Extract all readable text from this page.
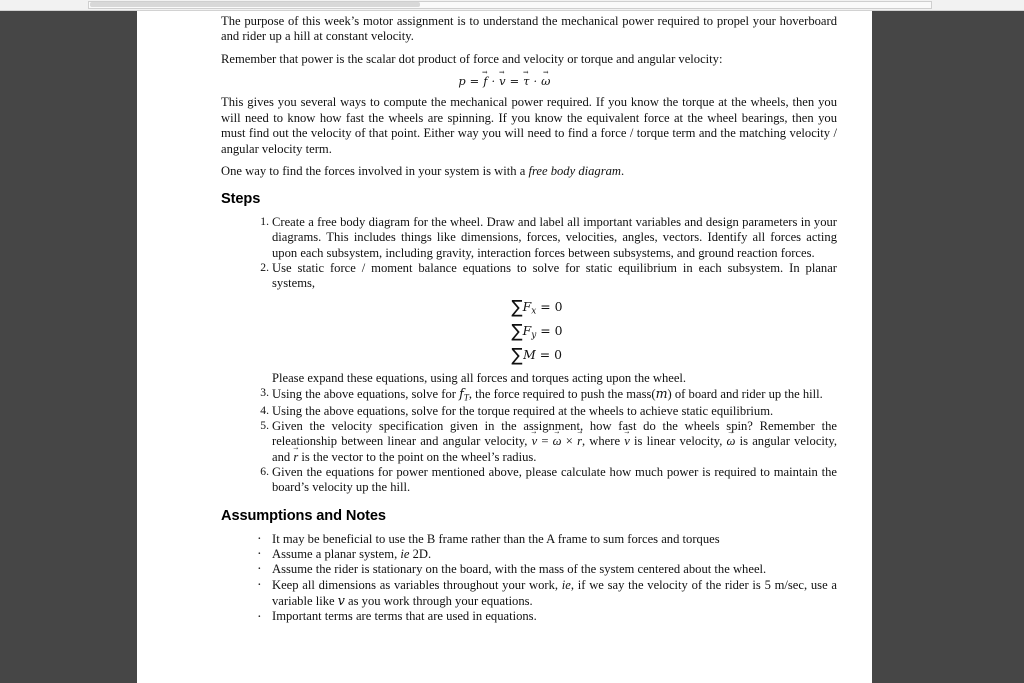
The purpose of this week’s motor assignment is to understand the mechanical power required to propel your hoverboard and rider up a hill at constant velocity.

Remember that power is the scalar dot product of force and velocity or torque and angular velocity:

p = f → · v → = τ → · ω →

This gives you several ways to compute the mechanical power required. If you know the torque at the wheels, then you will need to know how fast the wheels are spinning. If you know the equivalent force at the wheel bearings, then you must find out the velocity of that point. Either way you will need to find a force / torque term and the matching velocity / angular velocity term.

One way to find the forces involved in your system is with a free body diagram.

Steps
Create a free body diagram for the wheel. Draw and label all important variables and design parameters in your diagrams. This includes things like dimensions, forces, velocities, angles, vectors. Identify all forces acting upon each subsystem, including gravity, interaction forces between subsystems, and ground reaction forces.
Use static force / moment balance equations to solve for static equilibrium in each subsystem. In planar systems,
$\sum F_x = 0$
$\sum F_y = 0$
∑M = 0
Please expand these equations, using all forces and torques acting upon the wheel.
Using the above equations, solve for $f_T$, the force required to push the mass(m) of board and rider up the hill.
Using the above equations, solve for the torque required at the wheels to achieve static equilibrium.
Given the velocity specification given in the assignment, how fast do the wheels spin? Remember the releationship between linear and angular velocity, v → = ω → × r →, where v → is linear velocity, ω → is angular velocity, and r → is the vector to the point on the wheel’s radius.
Given the equations for power mentioned above, please calculate how much power is required to maintain the board’s velocity up the hill.
Assumptions and Notes
· It may be beneficial to use the B frame rather than the A frame to sum forces and torques
· Assume a planar system, ie 2D.
· Assume the rider is stationary on the board, with the mass of the system centered about the wheel.
· Keep all dimensions as variables throughout your work, ie, if we say the velocity of the rider is 5 m/sec, use a variable like v as you work through your equations.
· Important terms are terms that are used in equations.
